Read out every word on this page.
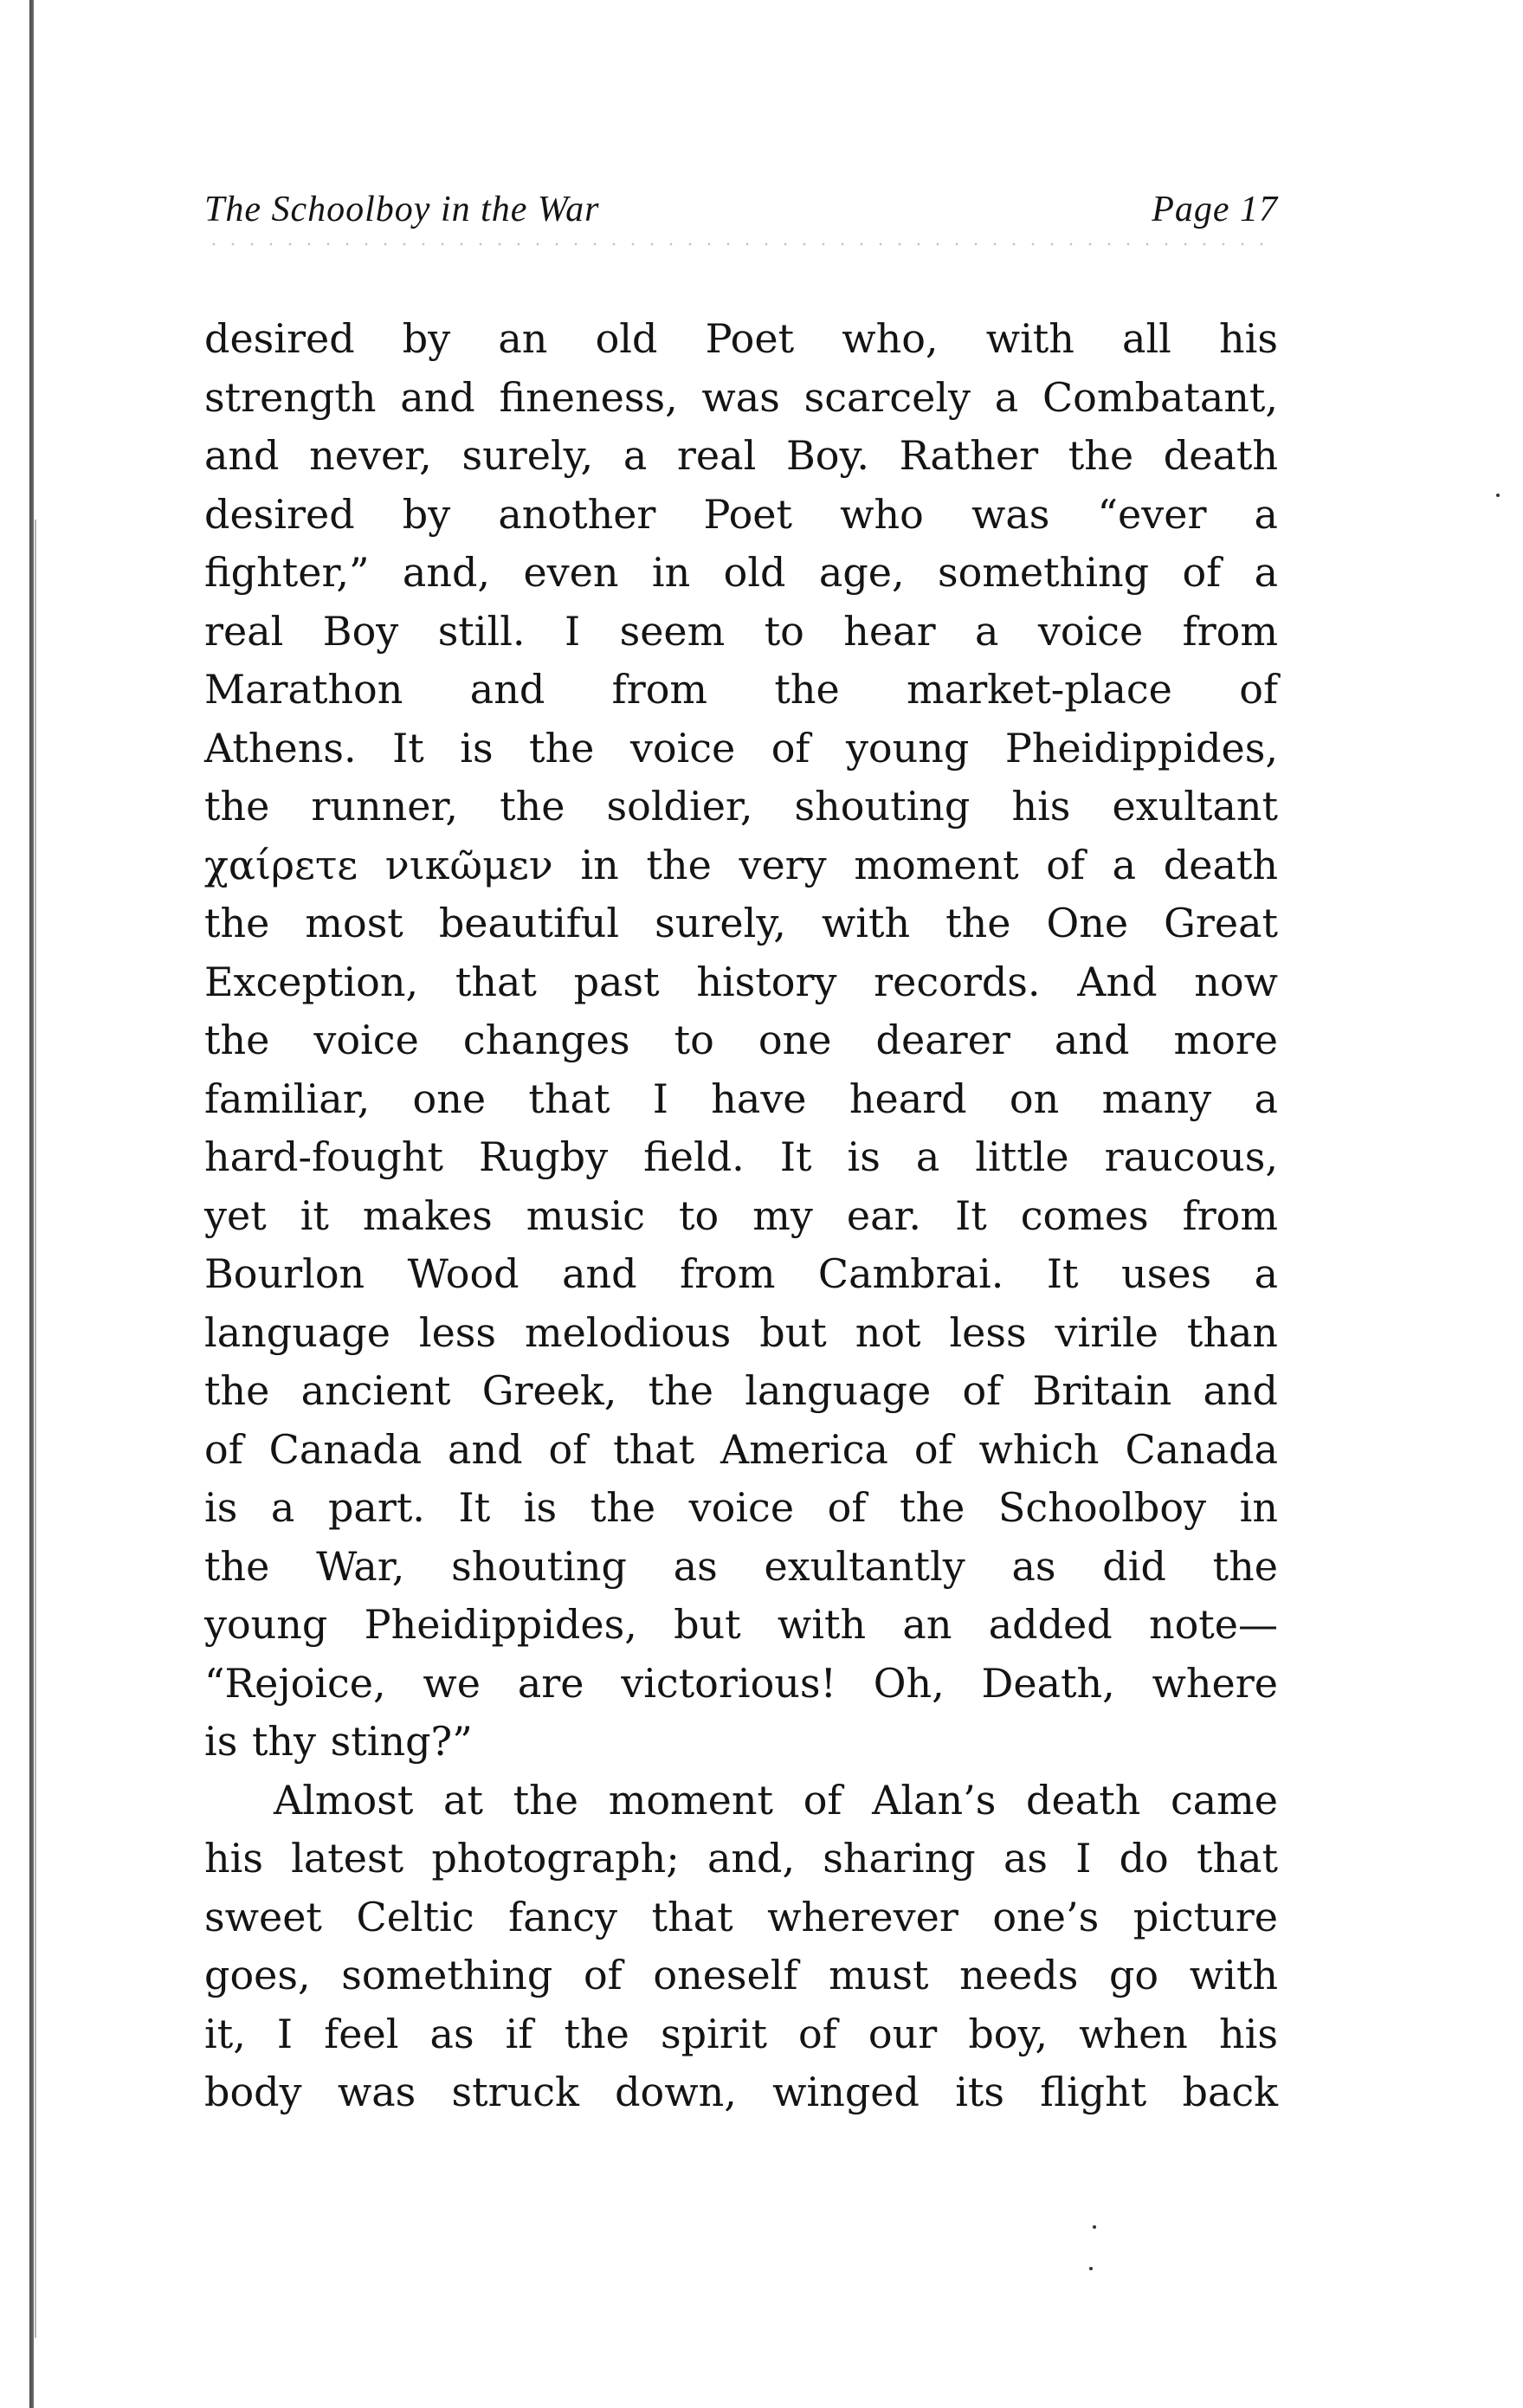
The Schoolboy in the War	Page 17
desired by an old Poet who, with all his
strength and fineness, was scarcely a Combatant,
and never, surely, a real Boy. Rather the death
desired by another Poet who was “ever a
fighter,” and, even in old age, something of a
real Boy still. I seem to hear a voice from
Marathon and from the market-place of
Athens. It is the voice of young Pheidippides,
the runner, the soldier, shouting his exultant
χαίρετε νικῶμεν in the very moment of a death
the most beautiful surely, with the One Great
Exception, that past history records. And now
the voice changes to one dearer and more
familiar, one that I have heard on many a
hard-fought Rugby field. It is a little raucous,
yet it makes music to my ear. It comes from
Bourlon Wood and from Cambrai. It uses a
language less melodious but not less virile than
the ancient Greek, the language of Britain and
of Canada and of that America of which Canada
is a part. It is the voice of the Schoolboy in
the War, shouting as exultantly as did the
young Pheidippides, but with an added note—
“Rejoice, we are victorious! Oh, Death, where
is thy sting?”
Almost at the moment of Alan’s death came
his latest photograph; and, sharing as I do that
sweet Celtic fancy that wherever one’s picture
goes, something of oneself must needs go with
it, I feel as if the spirit of our boy, when his
body was struck down, winged its flight back
